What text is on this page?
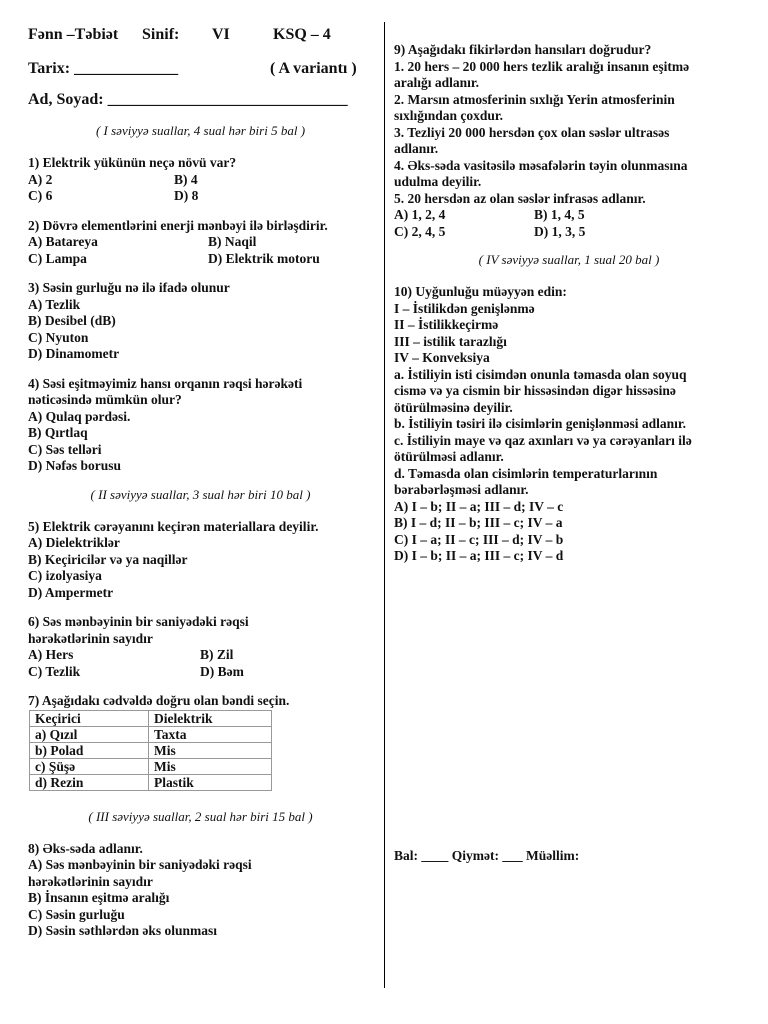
Fənn –Təbiət Sinif: VI	KSQ – 4
Tarix: _____________	( A variantı )
Ad, Soyad: ______________________________
( I səviyyə suallar, 4 sual hər biri 5 bal )
1) Elektrik yükünün neçə növü var?
A) 2	B) 4
C) 6	D) 8
2) Dövrə elementlərini enerji mənbəyi ilə birləşdirir.
A) Batareya	B) Naqil
C) Lampa	D) Elektrik motoru
3) Səsin gurluğu nə ilə ifadə olunur
A) Tezlik
B) Desibel (dB)
C) Nyuton
D) Dinamometr
4) Səsi eşitməyimiz hansı orqanın rəqsi hərəkəti
nəticəsində mümkün olur?
A) Qulaq pərdəsi.
B) Qırtlaq
C) Səs telləri
D) Nəfəs borusu
( II səviyyə suallar, 3 sual hər biri 10 bal )
5) Elektrik cərəyanını keçirən materiallara deyilir.
A) Dielektriklər
B) Keçiricilər və ya naqillər
C) izolyasiya
D) Ampermetr
6) Səs mənbəyinin bir saniyədəki rəqsi
hərəkətlərinin sayıdır
A) Hers	B) Zil
C) Tezlik	D) Bəm
7) Aşağıdakı cədvəldə doğru olan bəndi seçin.
Keçirici	Dielektrik
a) Qızıl	Taxta
b) Polad	Mis
c) Şüşə	Mis
d) Rezin	Plastik
( III səviyyə suallar, 2 sual hər biri 15 bal )
8) Əks-səda adlanır.
A) Səs mənbəyinin bir saniyədəki rəqsi
hərəkətlərinin sayıdır
B) İnsanın eşitmə aralığı
C) Səsin gurluğu
D) Səsin səthlərdən əks olunması
9) Aşağıdakı fikirlərdən hansıları doğrudur?
1. 20 hers – 20 000 hers tezlik aralığı insanın eşitmə
aralığı adlanır.
2. Marsın atmosferinin sıxlığı Yerin atmosferinin
sıxlığından çoxdur.
3. Tezliyi 20 000 hersdən çox olan səslər ultrasəs
adlanır.
4. Əks-səda vasitəsilə məsafələrin təyin olunmasına
udulma deyilir.
5. 20 hersdən az olan səslər infrasəs adlanır.
A) 1, 2, 4	B) 1, 4, 5
C) 2, 4, 5	D) 1, 3, 5
( IV səviyyə suallar, 1 sual 20 bal )
10) Uyğunluğu müəyyən edin:
I – İstilikdən genişlənmə
II – İstilikkeçirmə
III – istilik tarazlığı
IV – Konveksiya
a. İstiliyin isti cisimdən onunla təmasda olan soyuq
cismə və ya cismin bir hissəsindən digər hissəsinə
ötürülməsinə deyilir.
b. İstiliyin təsiri ilə cisimlərin genişlənməsi adlanır.
c. İstiliyin maye və qaz axınları və ya cərəyanları ilə
ötürülməsi adlanır.
d. Təmasda olan cisimlərin temperaturlarının
bərabərləşməsi adlanır.
A) I – b; II – a; III – d; IV – c
B) I – d; II – b; III – c; IV – a
C) I – a; II – c; III – d; IV – b
D) I – b; II – a; III – c; IV – d
Bal: ____ Qiymət: ___ Müəllim:
